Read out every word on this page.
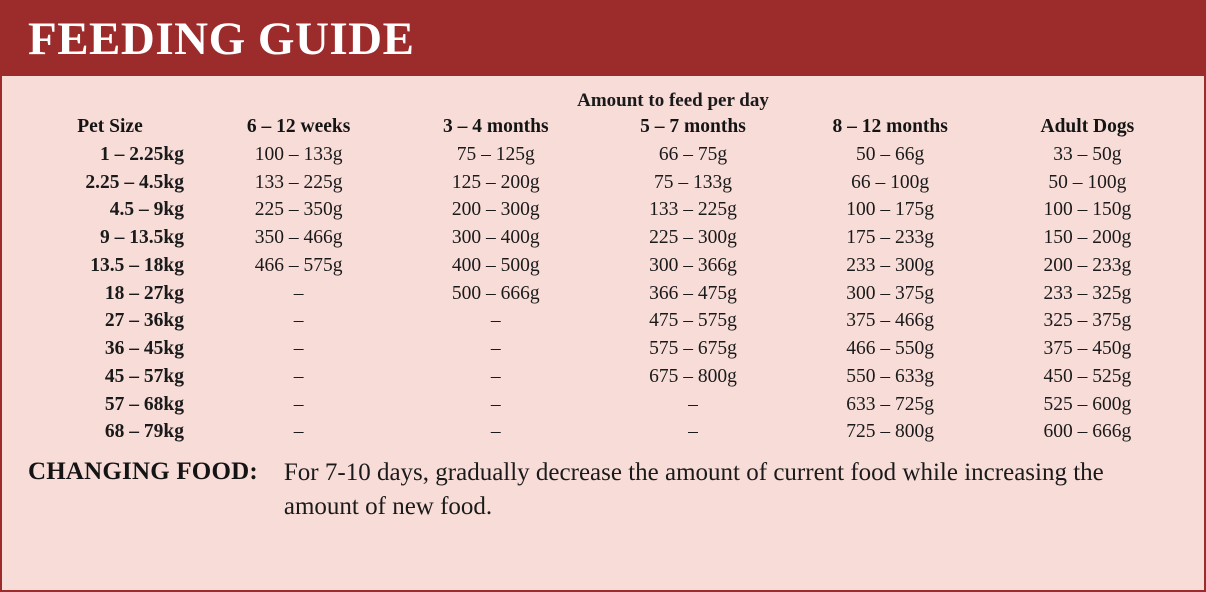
FEEDING GUIDE
Amount to feed per day
Pet Size	6 – 12 weeks	3 – 4 months	5 – 7 months	8 – 12 months	Adult Dogs
1 – 2.25kg	100 – 133g	75 – 125g	66 – 75g	50 – 66g	33 – 50g
2.25 – 4.5kg	133 – 225g	125 – 200g	75 – 133g	66 – 100g	50 – 100g
4.5 – 9kg	225 – 350g	200 – 300g	133 – 225g	100 – 175g	100 – 150g
9 – 13.5kg	350 – 466g	300 – 400g	225 – 300g	175 – 233g	150 – 200g
13.5 – 18kg	466 – 575g	400 – 500g	300 – 366g	233 – 300g	200 – 233g
18 – 27kg	–	500 – 666g	366 – 475g	300 – 375g	233 – 325g
27 – 36kg	–	–	475 – 575g	375 – 466g	325 – 375g
36 – 45kg	–	–	575 – 675g	466 – 550g	375 – 450g
45 – 57kg	–	–	675 – 800g	550 – 633g	450 – 525g
57 – 68kg	–	–	–	633 – 725g	525 – 600g
68 – 79kg	–	–	–	725 – 800g	600 – 666g
CHANGING FOOD: For 7-10 days, gradually decrease the amount of current food while increasing the amount of new food.
